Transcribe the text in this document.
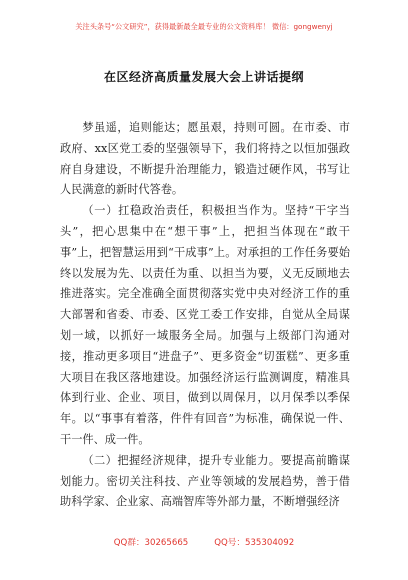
关注头条号“公文研究”，获得最新最全最专业的公文资料库！ 微信：gongwenyj
在区经济高质量发展大会上讲话提纲

梦虽遥，追则能达；愿虽艰，持则可圆。在市委、市政府、xx区党工委的坚强领导下，我们将持之以恒加强政府自身建设，不断提升治理能力，锻造过硬作风，书写让人民满意的新时代答卷。

（一）扛稳政治责任，积极担当作为。坚持“干字当头”，把心思集中在“想干事”上，把担当体现在“敢干事”上，把智慧运用到“干成事”上。对承担的工作任务要始终以发展为先、以责任为重、以担当为要，义无反顾地去推进落实。完全准确全面贯彻落实党中央对经济工作的重大部署和省委、市委、区党工委工作安排，自觉从全局谋划一域，以抓好一域服务全局。加强与上级部门沟通对接，推动更多项目“进盘子”、更多资金“切蛋糕”、更多重大项目在我区落地建设。加强经济运行监测调度，精准具体到行业、企业、项目，做到以周保月，以月保季以季保年。以“事事有着落，件件有回音”为标准，确保说一件、干一件、成一件。

（二）把握经济规律，提升专业能力。要提高前瞻谋划能力。密切关注科技、产业等领域的发展趋势，善于借助科学家、企业家、高端智库等外部力量，不断增强经济

QQ群：30265665	QQ号：535304092
